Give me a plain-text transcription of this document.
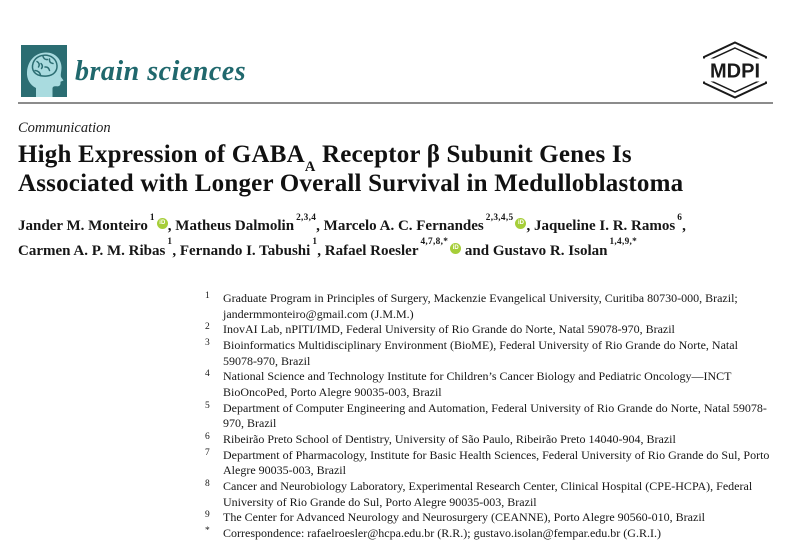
brain sciences	MDPI
Communication
High Expression of $GABA_A$ Receptor β Subunit Genes Is
Associated with Longer Overall Survival in Medulloblastoma
Jander M. Monteiro$^1$iD , Matheus Dalmolin$^{2,3,4}$, Marcelo A. C. Fernandes$^{2,3,4,5}$iD , Jaqueline I. R. Ramos$^6$,
Carmen A. P. M. Ribas$^1$, Fernando I. Tabushi$^1$, Rafael Roesler$^{4,7,8,*}$iD and Gustavo R. Isolan$^{1,4,9,*}$
1	Graduate Program in Principles of Surgery, Mackenzie Evangelical University, Curitiba 80730-000, Brazil; jandermmonteiro@gmail.com (J.M.M.)
2	InovAI Lab, nPITI/IMD, Federal University of Rio Grande do Norte, Natal 59078-970, Brazil
3	Bioinformatics Multidisciplinary Environment (BioME), Federal University of Rio Grande do Norte, Natal 59078-970, Brazil
4	National Science and Technology Institute for Children’s Cancer Biology and Pediatric Oncology—INCT BioOncoPed, Porto Alegre 90035-003, Brazil
5	Department of Computer Engineering and Automation, Federal University of Rio Grande do Norte, Natal 59078-970, Brazil
6	Ribeirão Preto School of Dentistry, University of São Paulo, Ribeirão Preto 14040-904, Brazil
7	Department of Pharmacology, Institute for Basic Health Sciences, Federal University of Rio Grande do Sul, Porto Alegre 90035-003, Brazil
8	Cancer and Neurobiology Laboratory, Experimental Research Center, Clinical Hospital (CPE-HCPA), Federal University of Rio Grande do Sul, Porto Alegre 90035-003, Brazil
9	The Center for Advanced Neurology and Neurosurgery (CEANNE), Porto Alegre 90560-010, Brazil
*	Correspondence: rafaelroesler@hcpa.edu.br (R.R.); gustavo.isolan@fempar.edu.br (G.R.I.)
